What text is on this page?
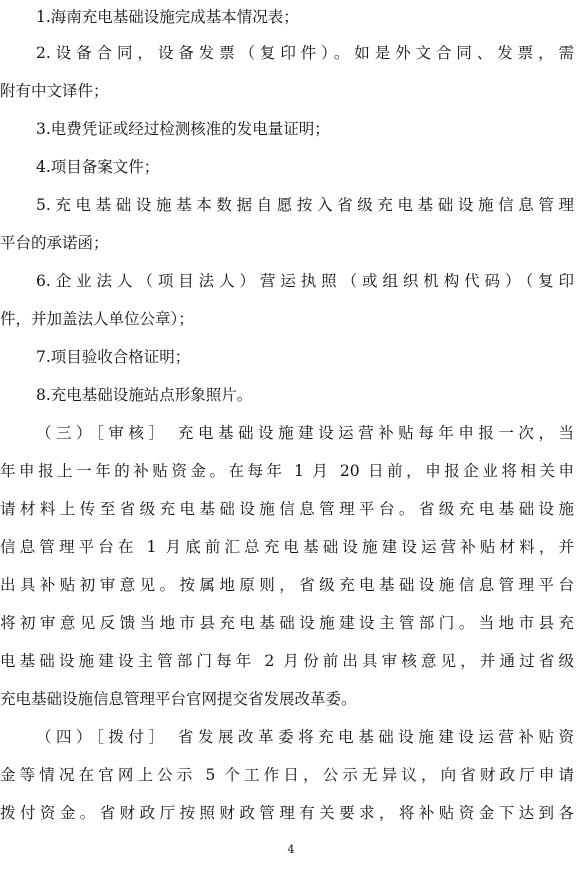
1.海南充电基础设施完成基本情况表；
2.设备合同，设备发票（复印件）。如是外文合同、发票，需
附有中文译件；
3.电费凭证或经过检测核准的发电量证明；
4.项目备案文件；
5.充电基础设施基本数据自愿按入省级充电基础设施信息管理
平台的承诺函；
6.企业法人（项目法人）营运执照（或组织机构代码）（复印
件，并加盖法人单位公章）；
7.项目验收合格证明；
8.充电基础设施站点形象照片。
（三）［审核］ 充电基础设施建设运营补贴每年申报一次，当
年申报上一年的补贴资金。在每年 1 月 20 日前，申报企业将相关申
请材料上传至省级充电基础设施信息管理平台。省级充电基础设施
信息管理平台在 1 月底前汇总充电基础设施建设运营补贴材料，并
出具补贴初审意见。按属地原则，省级充电基础设施信息管理平台
将初审意见反馈当地市县充电基础设施建设主管部门。当地市县充
电基础设施建设主管部门每年 2 月份前出具审核意见，并通过省级
充电基础设施信息管理平台官网提交省发展改革委。
（四）［拨付］ 省发展改革委将充电基础设施建设运营补贴资
金等情况在官网上公示 5 个工作日，公示无异议，向省财政厅申请
拨付资金。省财政厅按照财政管理有关要求，将补贴资金下达到各
4
